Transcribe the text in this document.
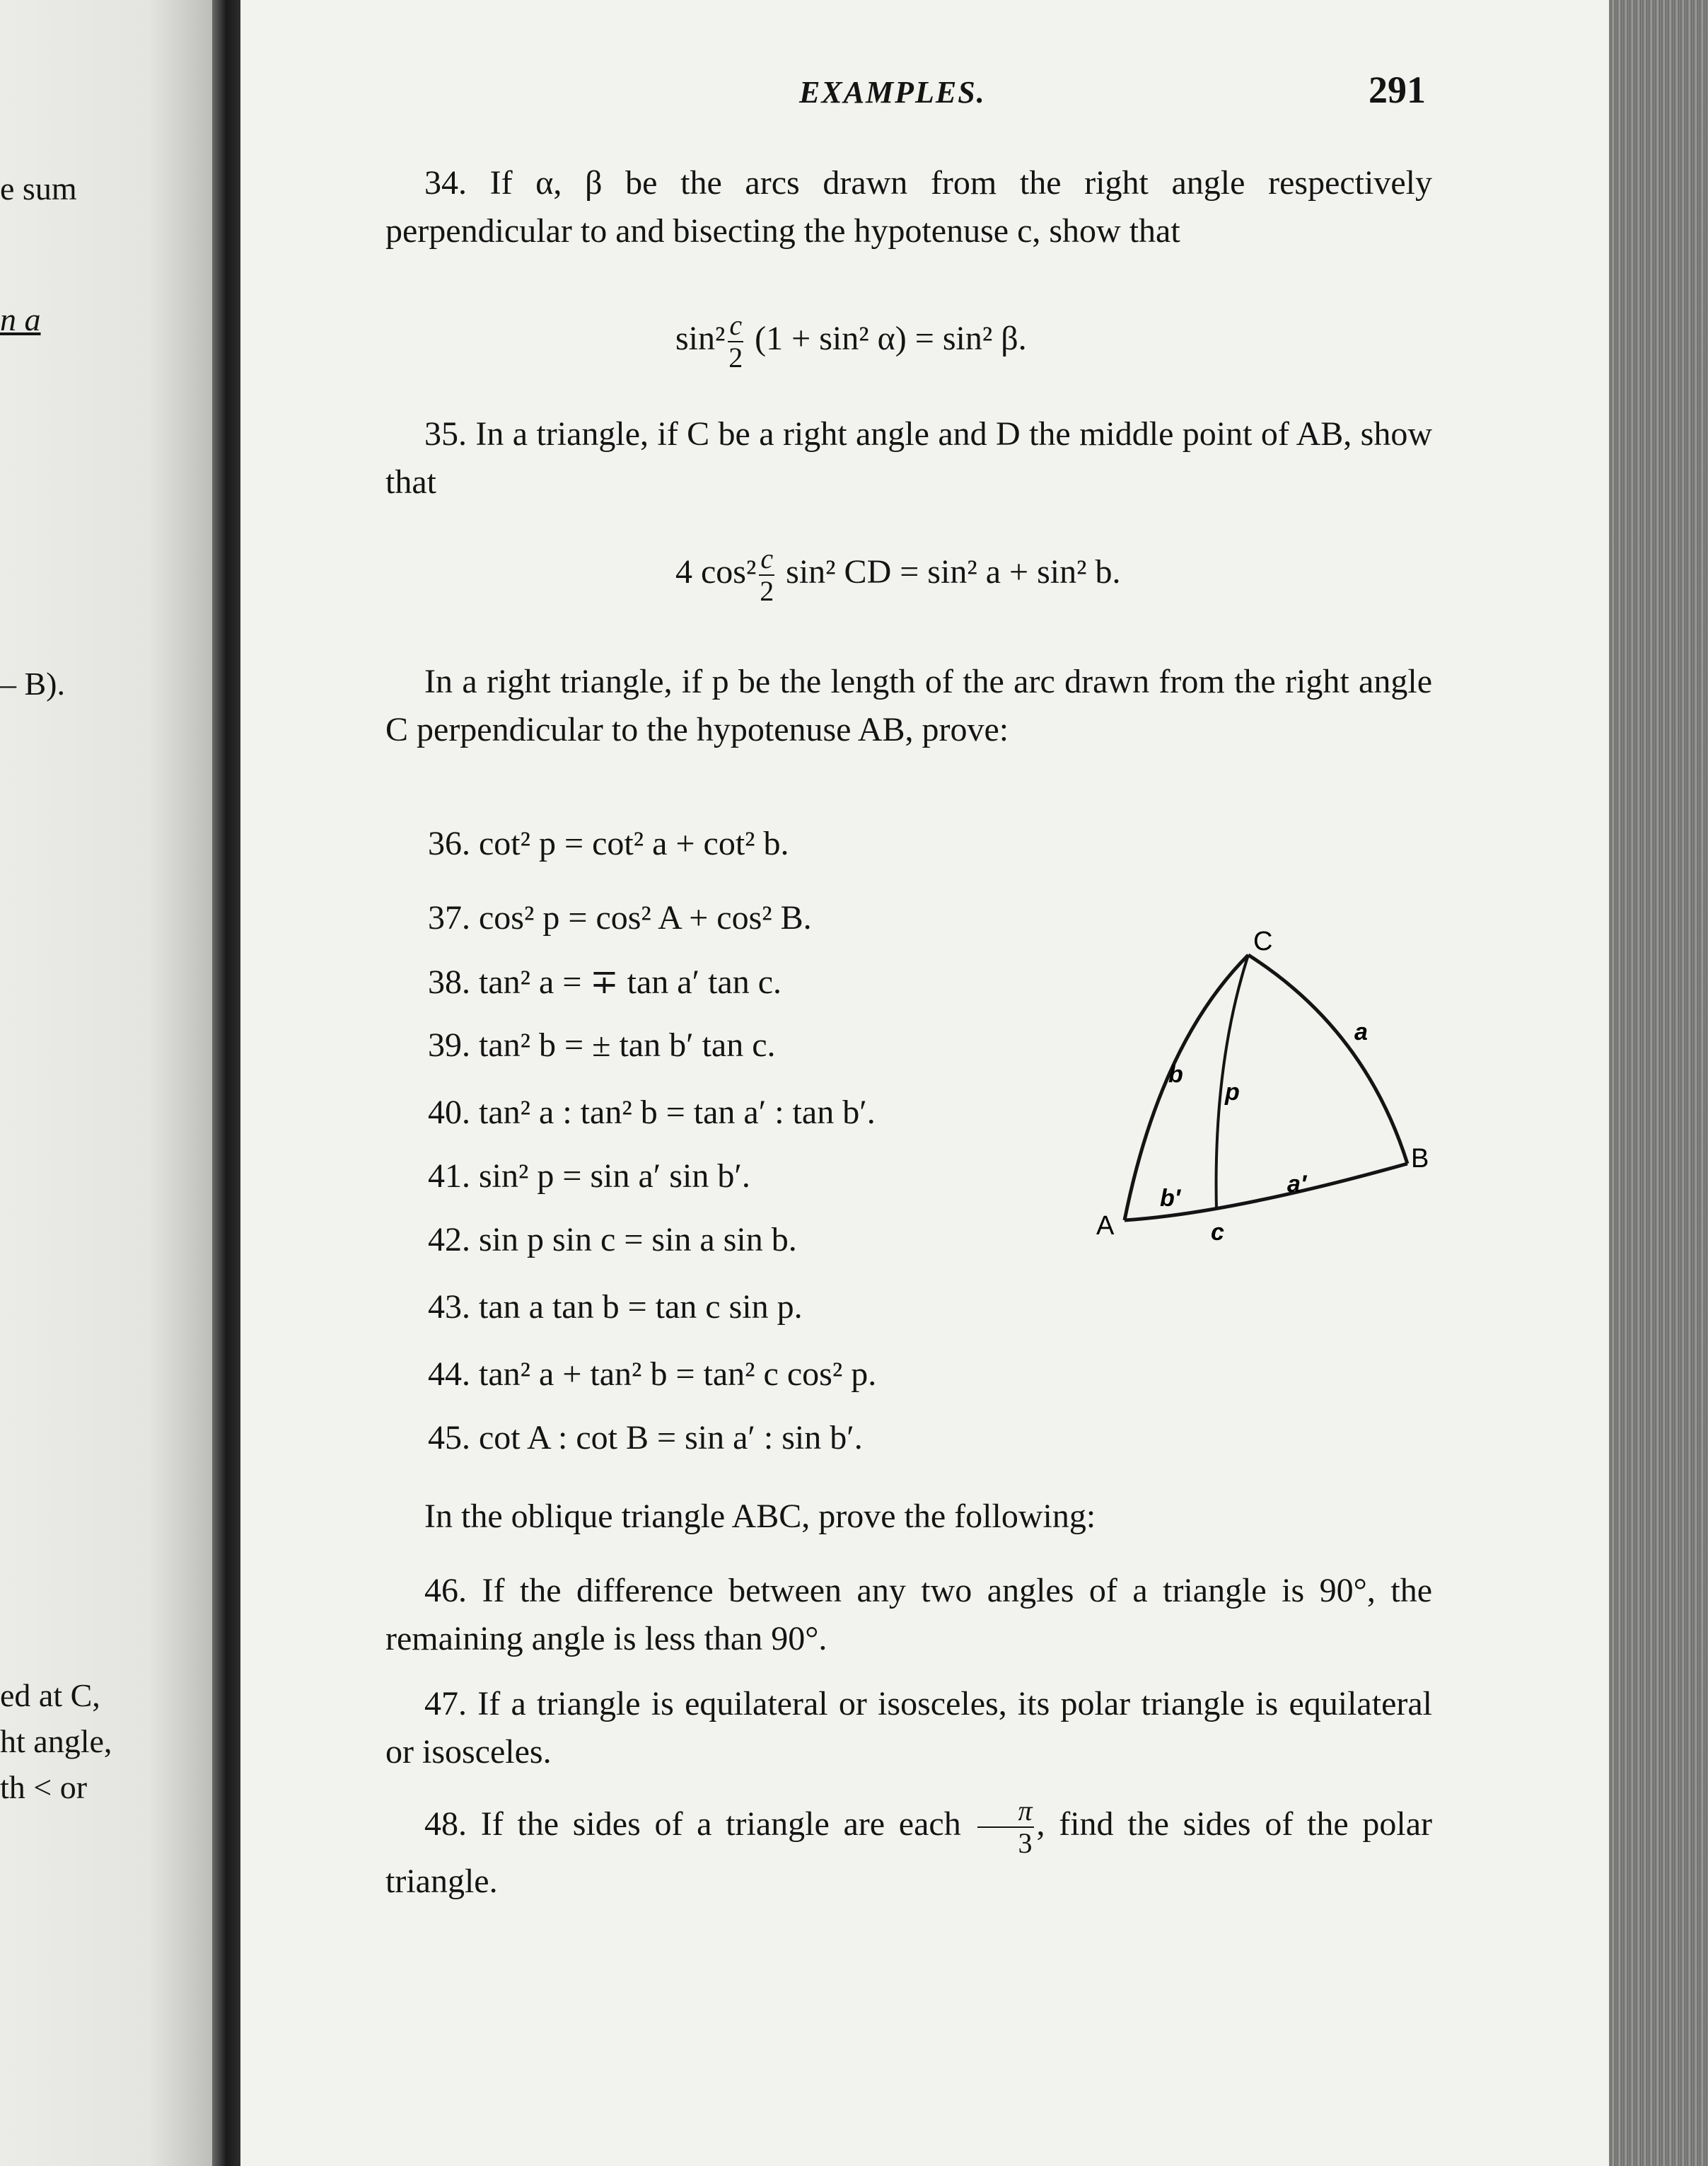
e sum
n a
– B).
ed at C,
ht angle,
th < or
EXAMPLES.	291
34. If α, β be the arcs drawn from the right angle respectively perpendicular to and bisecting the hypotenuse c, show that
$\sin^2 \frac{c}{2} (1 + \sin^2$ α) = sin² β.
35. In a triangle, if C be a right angle and D the middle point of AB, show that
4 $\cos^2 \frac{c}{2} \sin^2$ CD = sin² a + sin² b.
In a right triangle, if p be the length of the arc drawn from the right angle C perpendicular to the hypotenuse AB, prove:
36. cot² p = cot² a + cot² b.
37. cos² p = cos² A + cos² B.
38. tan² a = ∓ tan a′ tan c.
39. tan² b = ± tan b′ tan c.
40. tan² a : tan² b = tan a′ : tan b′.
41. sin² p = sin a′ sin b′.
42. sin p sin c = sin a sin b.
43. tan a tan b = tan c sin p.
44. tan² a + tan² b = tan² c cos² p.
45. cot A : cot B = sin a′ : sin b′.
C
A
B
a
b
p
a′
b′
c
In the oblique triangle ABC, prove the following:
46. If the difference between any two angles of a triangle is 90°, the remaining angle is less than 90°.
47. If a triangle is equilateral or isosceles, its polar triangle is equilateral or isosceles.
48. If the sides of a triangle are each $\frac{\pi}{3}$ , find the sides of the polar triangle.
